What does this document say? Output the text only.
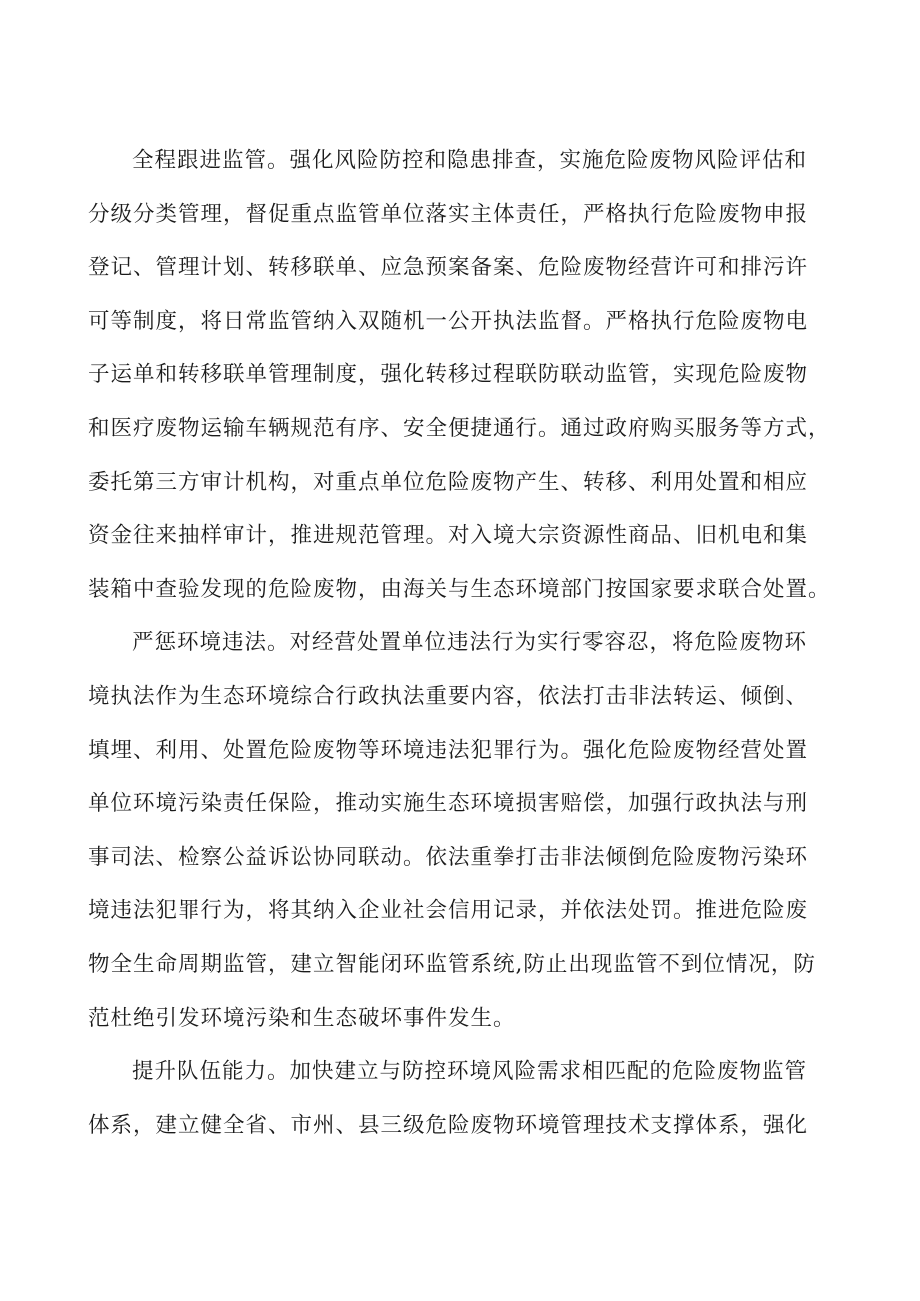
全程跟进监管。强化风险防控和隐患排查，实施危险废物风险评估和
分级分类管理，督促重点监管单位落实主体责任，严格执行危险废物申报
登记、管理计划、转移联单、应急预案备案、危险废物经营许可和排污许
可等制度，将日常监管纳入双随机一公开执法监督。严格执行危险废物电
子运单和转移联单管理制度，强化转移过程联防联动监管，实现危险废物
和医疗废物运输车辆规范有序、安全便捷通行。通过政府购买服务等方式，
委托第三方审计机构，对重点单位危险废物产生、转移、利用处置和相应
资金往来抽样审计，推进规范管理。对入境大宗资源性商品、旧机电和集
装箱中查验发现的危险废物，由海关与生态环境部门按国家要求联合处置。
严惩环境违法。对经营处置单位违法行为实行零容忍，将危险废物环
境执法作为生态环境综合行政执法重要内容，依法打击非法转运、倾倒、
填埋、利用、处置危险废物等环境违法犯罪行为。强化危险废物经营处置
单位环境污染责任保险，推动实施生态环境损害赔偿，加强行政执法与刑
事司法、检察公益诉讼协同联动。依法重拳打击非法倾倒危险废物污染环
境违法犯罪行为，将其纳入企业社会信用记录，并依法处罚。推进危险废
物全生命周期监管，建立智能闭环监管系统,防止出现监管不到位情况，防
范杜绝引发环境污染和生态破坏事件发生。
提升队伍能力。加快建立与防控环境风险需求相匹配的危险废物监管
体系，建立健全省、市州、县三级危险废物环境管理技术支撑体系，强化
